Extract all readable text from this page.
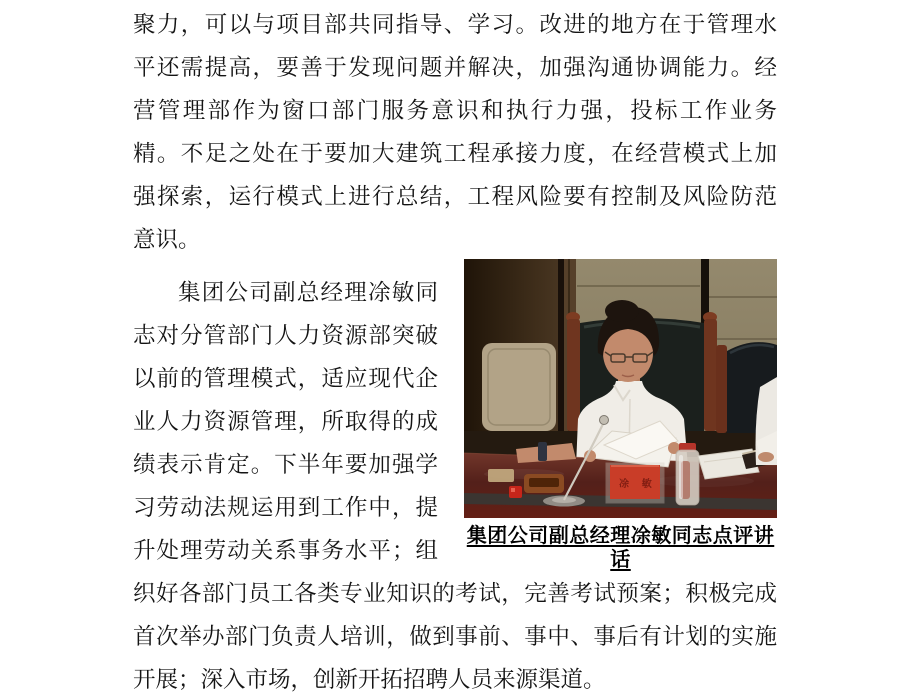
聚力，可以与项目部共同指导、学习。改进的地方在于管理水
平还需提高，要善于发现问题并解决，加强沟通协调能力。经
营管理部作为窗口部门服务意识和执行力强，投标工作业务
精。不足之处在于要加大建筑工程承接力度，在经营模式上加
强探索，运行模式上进行总结，工程风险要有控制及风险防范
意识。
凃 敏
集团公司副总经理凃敏同志点评讲话
集团公司副总经理凃敏同
志对分管部门人力资源部突破
以前的管理模式，适应现代企
业人力资源管理，所取得的成
绩表示肯定。下半年要加强学
习劳动法规运用到工作中，提
升处理劳动关系事务水平；组
织好各部门员工各类专业知识的考试，完善考试预案；积极完成
首次举办部门负责人培训，做到事前、事中、事后有计划的实施
开展；深入市场，创新开拓招聘人员来源渠道。
